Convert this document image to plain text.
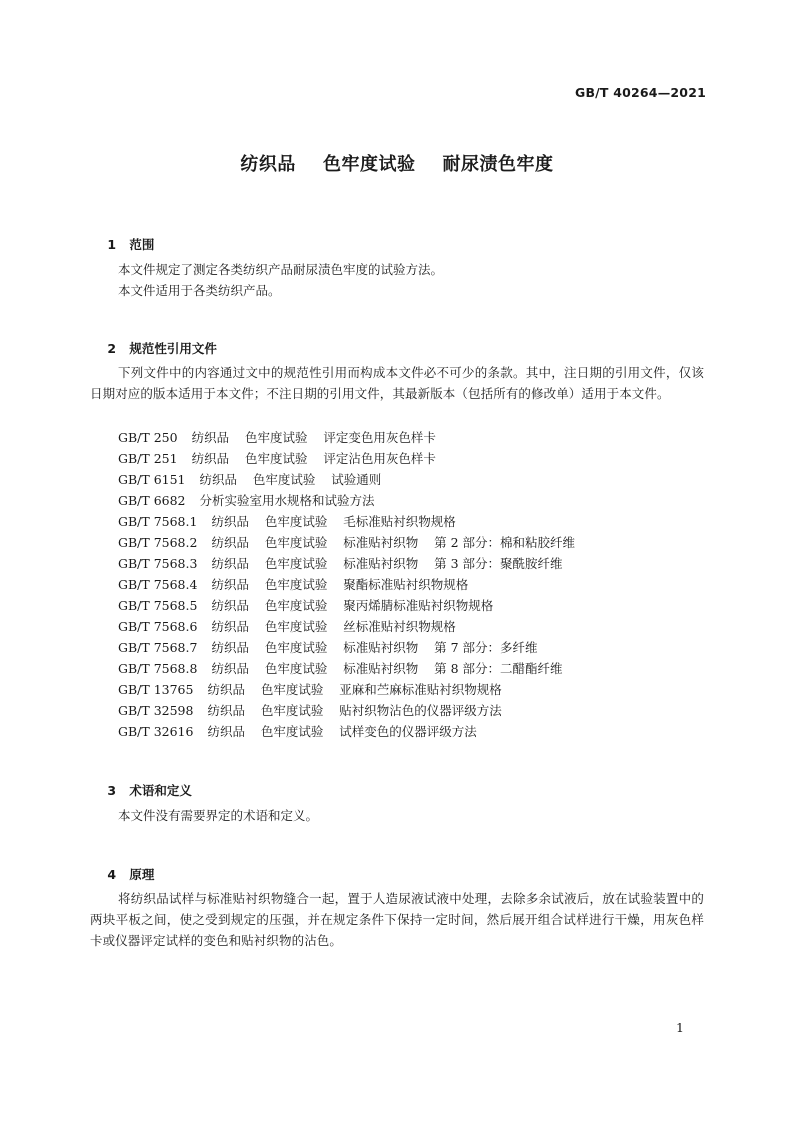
GB/T 40264—2021
纺织品    色牢度试验    耐尿渍色牢度

1 范围

本文件规定了测定各类纺织产品耐尿渍色牢度的试验方法。

本文件适用于各类纺织产品。

2 规范性引用文件

下列文件中的内容通过文中的规范性引用而构成本文件必不可少的条款。其中，注日期的引用文件，仅该日期对应的版本适用于本文件；不注日期的引用文件，其最新版本（包括所有的修改单）适用于本文件。

GB/T 250 纺织品    色牢度试验    评定变色用灰色样卡
GB/T 251 纺织品    色牢度试验    评定沾色用灰色样卡
GB/T 6151 纺织品    色牢度试验    试验通则
GB/T 6682 分析实验室用水规格和试验方法
GB/T 7568.1 纺织品    色牢度试验    毛标准贴衬织物规格
GB/T 7568.2 纺织品    色牢度试验    标准贴衬织物    第 2 部分：棉和粘胶纤维
GB/T 7568.3 纺织品    色牢度试验    标准贴衬织物    第 3 部分：聚酰胺纤维
GB/T 7568.4 纺织品    色牢度试验    聚酯标准贴衬织物规格
GB/T 7568.5 纺织品    色牢度试验    聚丙烯腈标准贴衬织物规格
GB/T 7568.6 纺织品    色牢度试验    丝标准贴衬织物规格
GB/T 7568.7 纺织品    色牢度试验    标准贴衬织物    第 7 部分：多纤维
GB/T 7568.8 纺织品    色牢度试验    标准贴衬织物    第 8 部分：二醋酯纤维
GB/T 13765 纺织品    色牢度试验    亚麻和苎麻标准贴衬织物规格
GB/T 32598 纺织品    色牢度试验    贴衬织物沾色的仪器评级方法
GB/T 32616 纺织品    色牢度试验    试样变色的仪器评级方法

3 术语和定义

本文件没有需要界定的术语和定义。

4 原理

将纺织品试样与标准贴衬织物缝合一起，置于人造尿液试液中处理，去除多余试液后，放在试验装置中的两块平板之间，使之受到规定的压强，并在规定条件下保持一定时间，然后展开组合试样进行干燥，用灰色样卡或仪器评定试样的变色和贴衬织物的沾色。

1
